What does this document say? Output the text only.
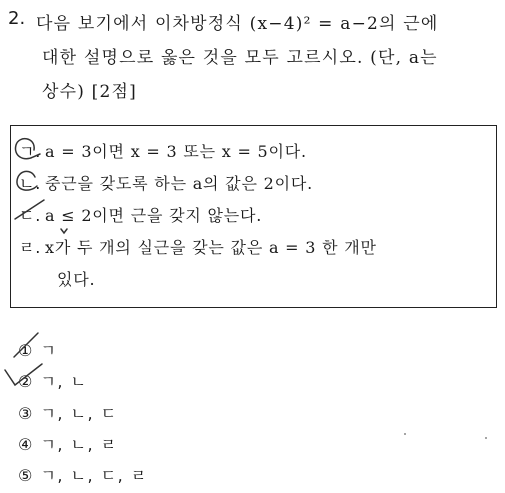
2. 다음 보기에서 이차방정식 (x−4)² = a−2의 근에
대한 설명으로 옳은 것을 모두 고르시오. (단, a는
상수) [2점]
ㄱ. a = 3이면 x = 3 또는 x = 5이다.
ㄴ. 중근을 갖도록 하는 a의 값은 2이다.
ㄷ. a ≤ 2이면 근을 갖지 않는다.
ㄹ. x가 두 개의 실근을 갖는 값은 a = 3 한 개만
있다.
① ㄱ
② ㄱ, ㄴ
③ ㄱ, ㄴ, ㄷ
④ ㄱ, ㄴ, ㄹ
⑤ ㄱ, ㄴ, ㄷ, ㄹ
